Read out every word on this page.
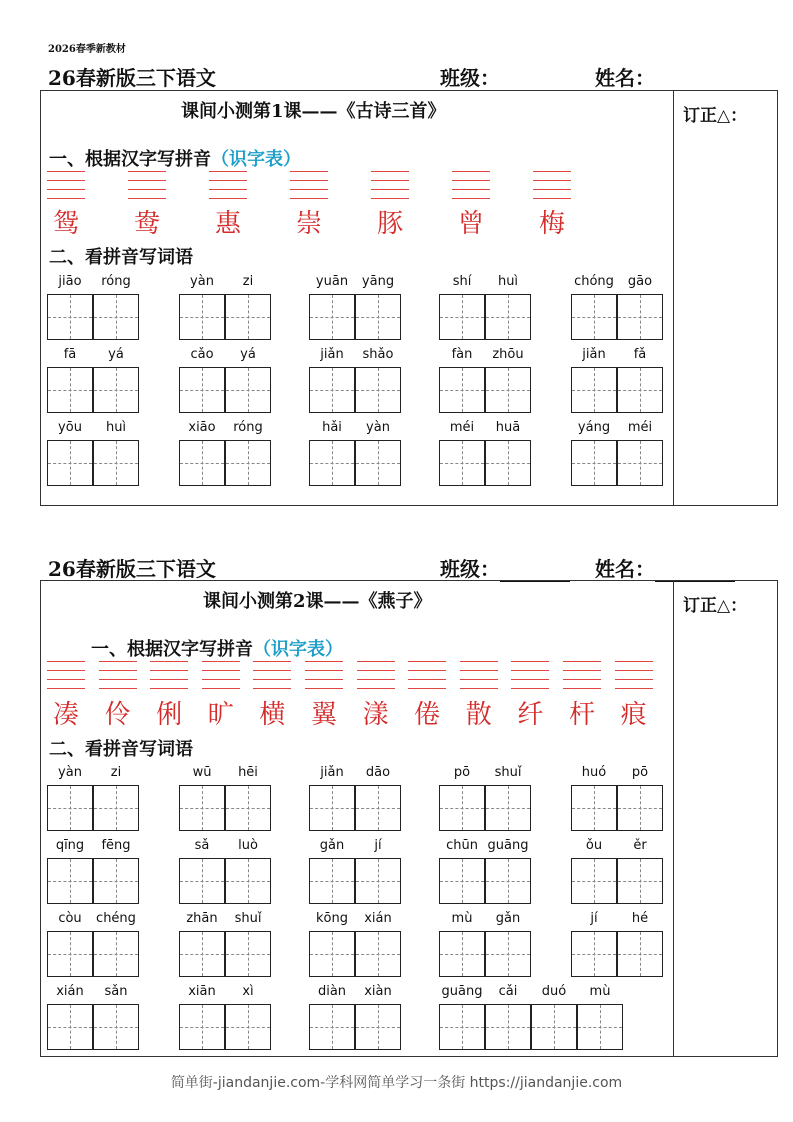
2026春季新教材
26春新版三下语文	班级：	姓名：
课间小测第1课——《古诗三首》	订正△：
一、根据汉字写拼音（识字表）
鸳 鸯 惠 崇 豚 曾 梅
二、看拼音写词语
jiāo	róng	yàn	zi	yuān	yāng	shí	huì	chóng	gāo
fā	yá	cǎo	yá	jiǎn	shǎo	fàn	zhōu	jiǎn	fǎ
yōu	huì	xiāo	róng	hǎi	yàn	méi	huā	yáng	méi
26春新版三下语文	班级：	姓名：
课间小测第2课——《燕子》	订正△：
一、根据汉字写拼音（识字表）
凑 伶 俐 旷 横 翼 漾 倦 散 纤 杆 痕
二、看拼音写词语
yàn	zi	wū	hēi	jiǎn	dāo	pō	shuǐ	huó	pō
qīng	fēng	sǎ	luò	gǎn	jí	chūn guāng	ǒu	ěr
còu	chéng	zhān	shuǐ	kōng	xián	mù	gǎn	jí	hé
xián	sǎn	xiān	xì	diàn	xiàn	guāng	cǎi	duó	mù
简单街-jiandanjie.com-学科网简单学习一条街 https://jiandanjie.com
